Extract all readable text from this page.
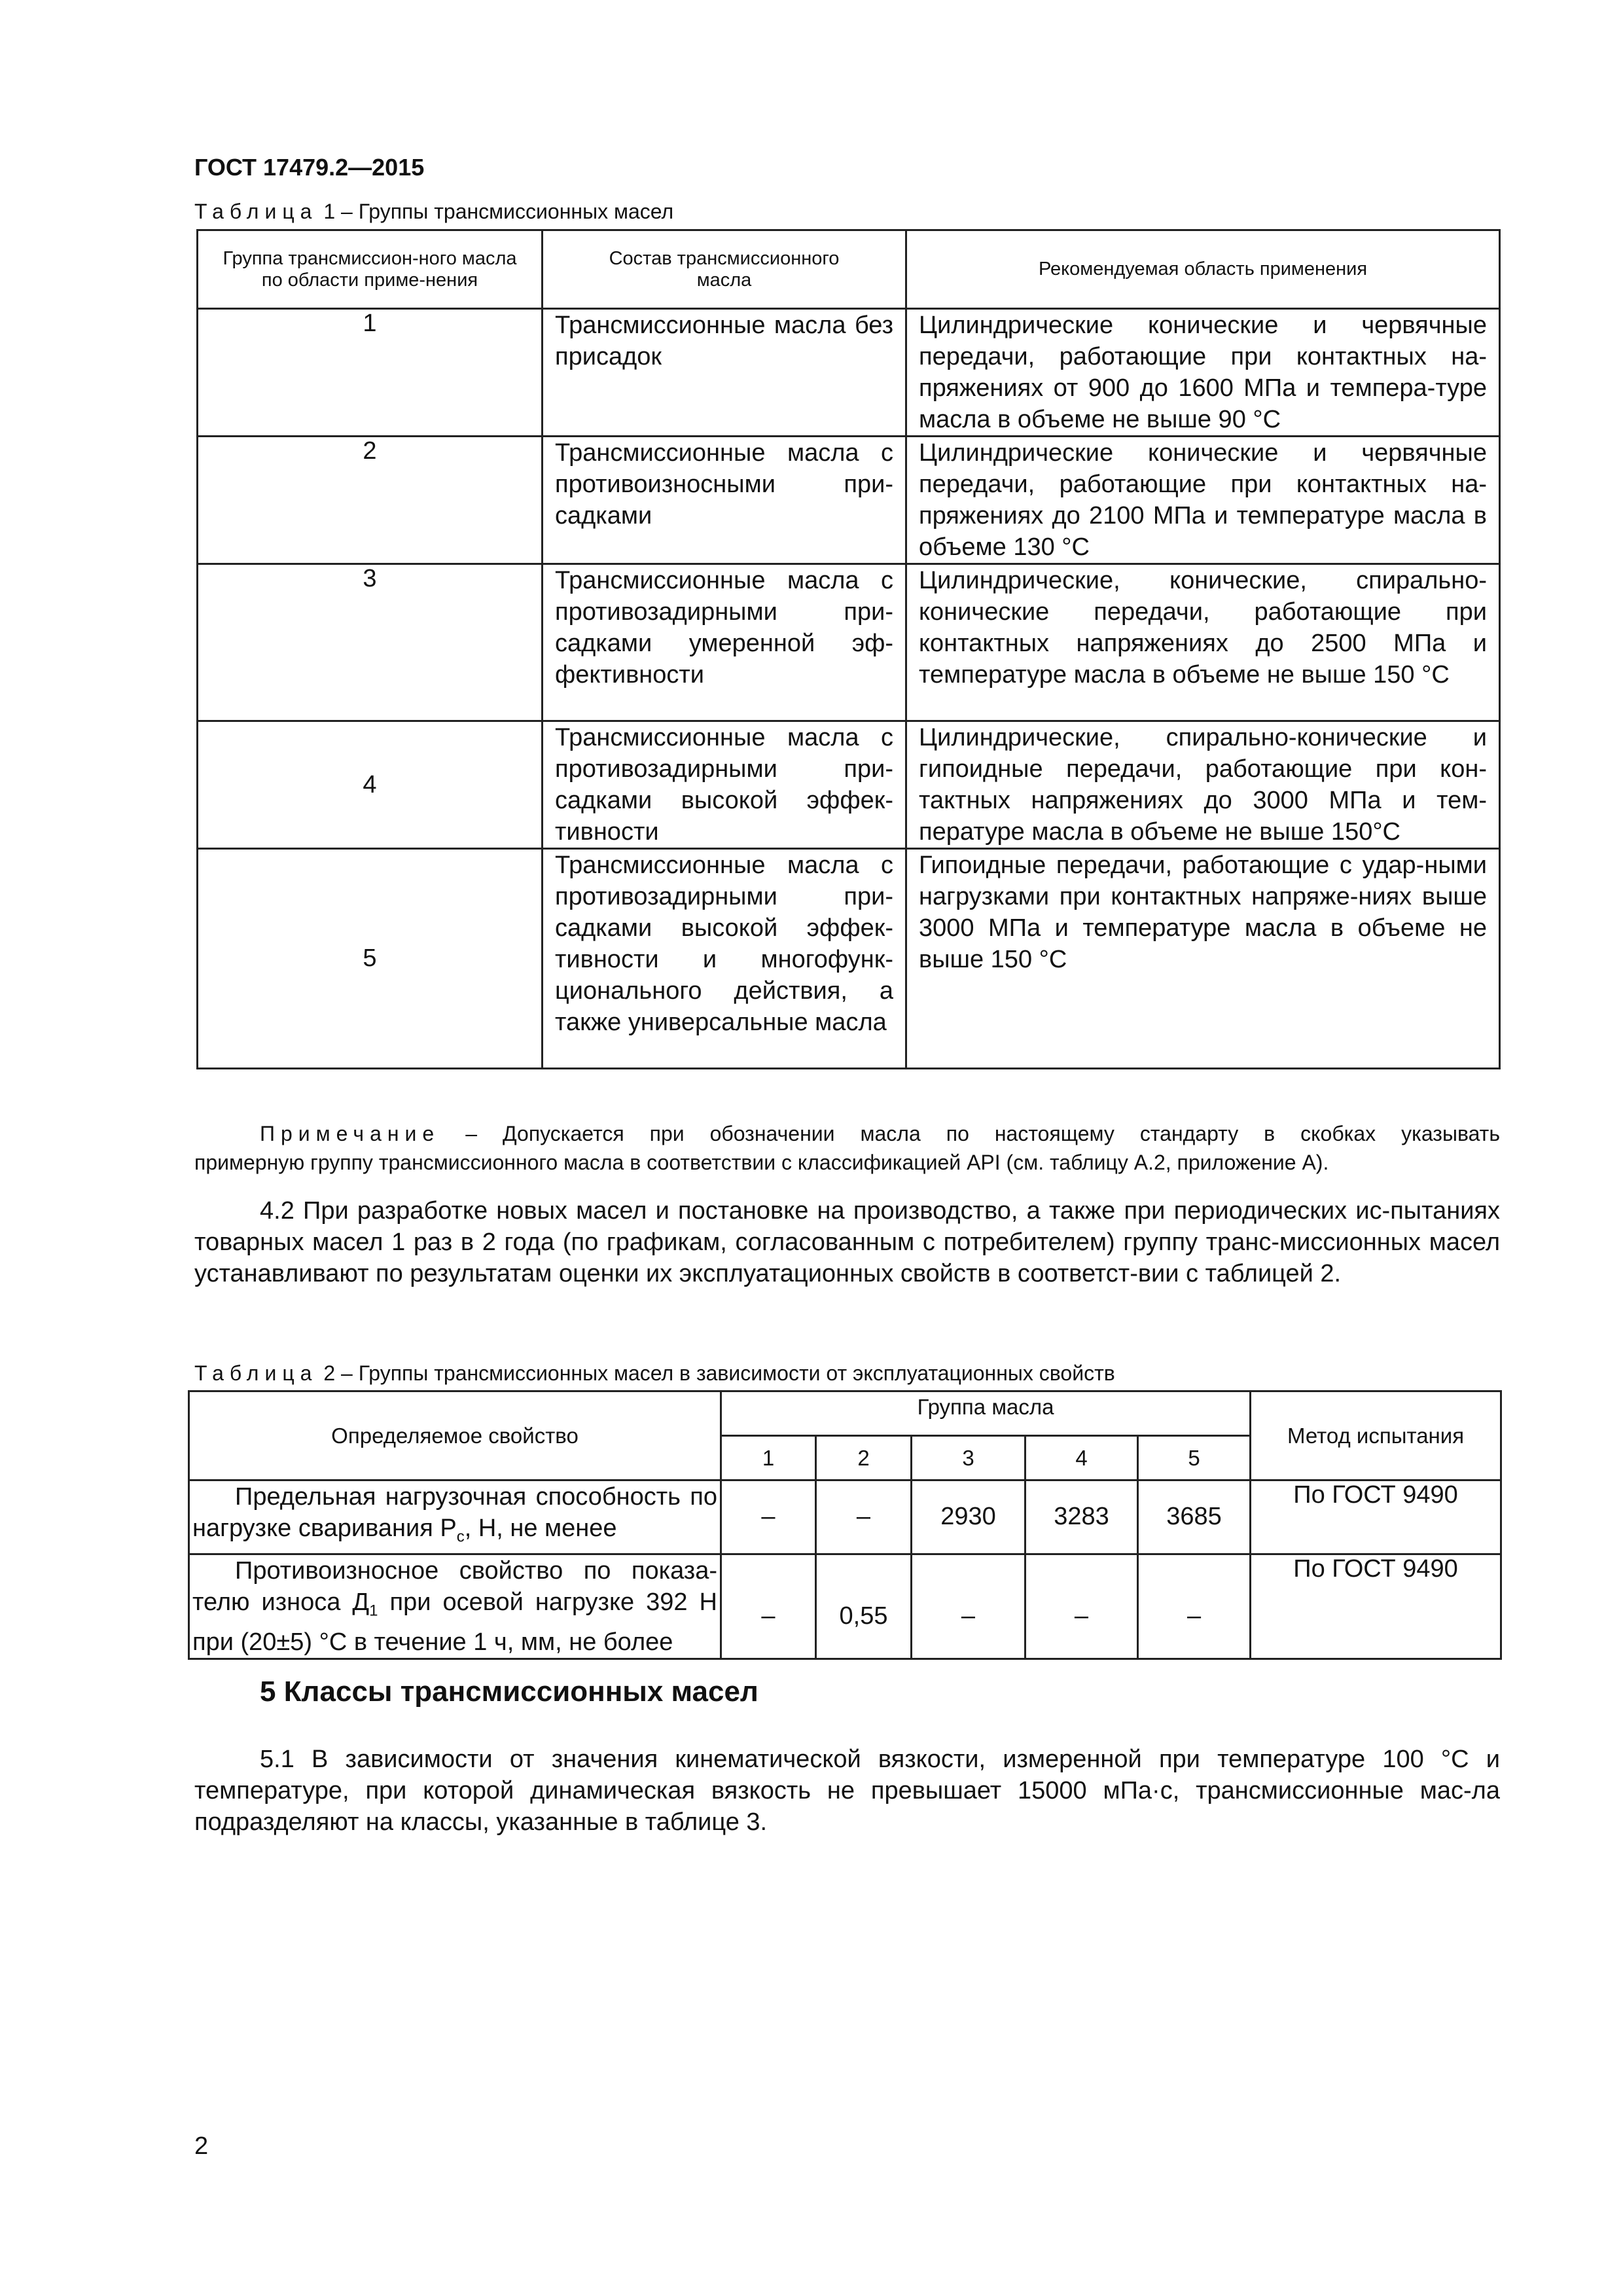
ГОСТ 17479.2—2015
Таблица 1 – Группы трансмиссионных масел
Группа трансмиссион-ного масла по области приме-нения	Состав трансмиссионного масла	Рекомендуемая область применения
1	Трансмиссионные масла без присадок	Цилиндрические конические и червячные передачи, работающие при контактных на-пряжениях от 900 до 1600 МПа и темпера-туре масла в объеме не выше 90 °С
2	Трансмиссионные масла с противоизносными при-садками	Цилиндрические конические и червячные передачи, работающие при контактных на-пряжениях до 2100 МПа и температуре масла в объеме 130 °С
3	Трансмиссионные масла с противозадирными при-садками умеренной эф-фективности	Цилиндрические, конические, спирально-конические передачи, работающие при контактных напряжениях до 2500 МПа и температуре масла в объеме не выше 150 °С
4	Трансмиссионные масла с противозадирными при-садками высокой эффек-тивности	Цилиндрические, спирально-конические и гипоидные передачи, работающие при кон-тактных напряжениях до 3000 МПа и тем-пературе масла в объеме не выше 150°С
5	Трансмиссионные масла с противозадирными при-садками высокой эффек-тивности и многофунк-ционального действия, а также универсальные масла	Гипоидные передачи, работающие с удар-ными нагрузками при контактных напряже-ниях выше 3000 МПа и температуре масла в объеме не выше 150 °С
Примечание – Допускается при обозначении масла по настоящему стандарту в скобках указывать
примерную группу трансмиссионного масла в соответствии с классификацией API (см. таблицу А.2, приложение А).
4.2 При разработке новых масел и постановке на производство, а также при периодических ис-пытаниях товарных масел 1 раз в 2 года (по графикам, согласованным с потребителем) группу транс-миссионных масел устанавливают по результатам оценки их эксплуатационных свойств в соответст-вии с таблицей 2.
Таблица 2 – Группы трансмиссионных масел в зависимости от эксплуатационных свойств
Определяемое свойство	Группа масла					Метод испытания
	1	2	3	4	5	
Предельная нагрузочная способность по нагрузке сваривания $Р_с$, Н, не менее	–	–	2930	3283	3685	По ГОСТ 9490
Противоизносное свойство по показа-телю износа $Д_1$ при осевой нагрузке 392 Н при (20±5) °С в течение 1 ч, мм, не более	–	0,55	–	–	–	По ГОСТ 9490
5 Классы трансмиссионных масел
5.1 В зависимости от значения кинематической вязкости, измеренной при температуре 100 °С и температуре, при которой динамическая вязкость не превышает 15000 мПа·с, трансмиссионные мас-ла подразделяют на классы, указанные в таблице 3.
2
